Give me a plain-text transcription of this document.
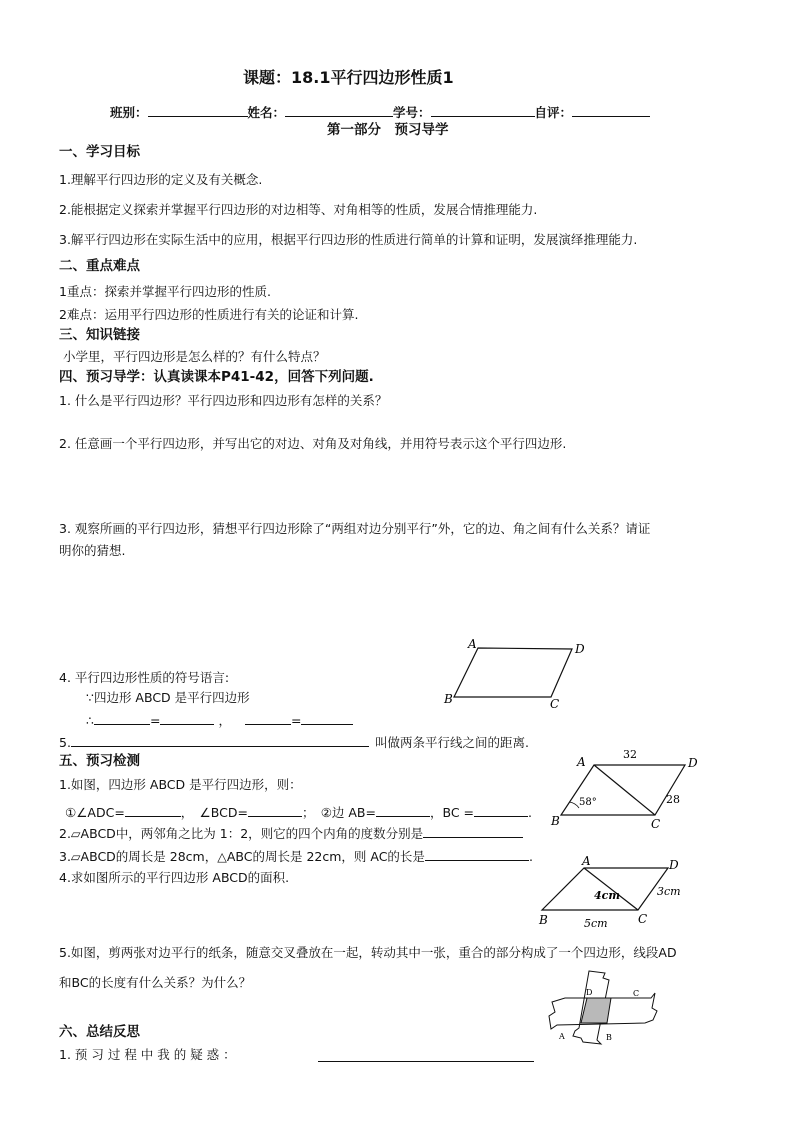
课题：18.1平行四边形性质1
班别：	姓名：	学号：	自评：
第一部分　预习导学
一、学习目标
1.理解平行四边形的定义及有关概念.
2.能根据定义探索并掌握平行四边形的对边相等、对角相等的性质，发展合情推理能力.
3.解平行四边形在实际生活中的应用，根据平行四边形的性质进行简单的计算和证明，发展演绎推理能力.
二、重点难点
1重点：探索并掌握平行四边形的性质.
2难点：运用平行四边形的性质进行有关的论证和计算.
三、知识链接
小学里，平行四边形是怎么样的？有什么特点？
四、预习导学：认真读课本P41-42，回答下列问题.
1. 什么是平行四边形？平行四边形和四边形有怎样的关系？
2. 任意画一个平行四边形，并写出它的对边、对角及对角线，并用符号表示这个平行四边形.
3. 观察所画的平行四边形，猜想平行四边形除了“两组对边分别平行”外，它的边、角之间有什么关系？请证
明你的猜想.
4. 平行四边形性质的符号语言:
∵四边形 ABCD 是平行四边形
∴	=	，	=
5.	叫做两条平行线之间的距离.
A	D
B	C
五、预习检测
1.如图，四边形 ABCD 是平行四边形，则：
①∠ADC=	，　∠BCD=	；　②边 AB=	，BC =	.
2.▱ABCD中，两邻角之比为 1：2，则它的四个内角的度数分别是
3.▱ABCD的周长是 28cm，△ABC的周长是 22cm，则 AC的长是	.
4.求如图所示的平行四边形 ABCD的面积.
A	D
B	C
32
28
58°
A	D
B	C
4cm	3cm
5cm
5.如图，剪两张对边平行的纸条，随意交叉叠放在一起，转动其中一张，重合的部分构成了一个四边形，线段AD
和BC的长度有什么关系？为什么？
D	C
A	B
六、总结反思
1. 预 习 过 程 中 我 的 疑 惑 ：
